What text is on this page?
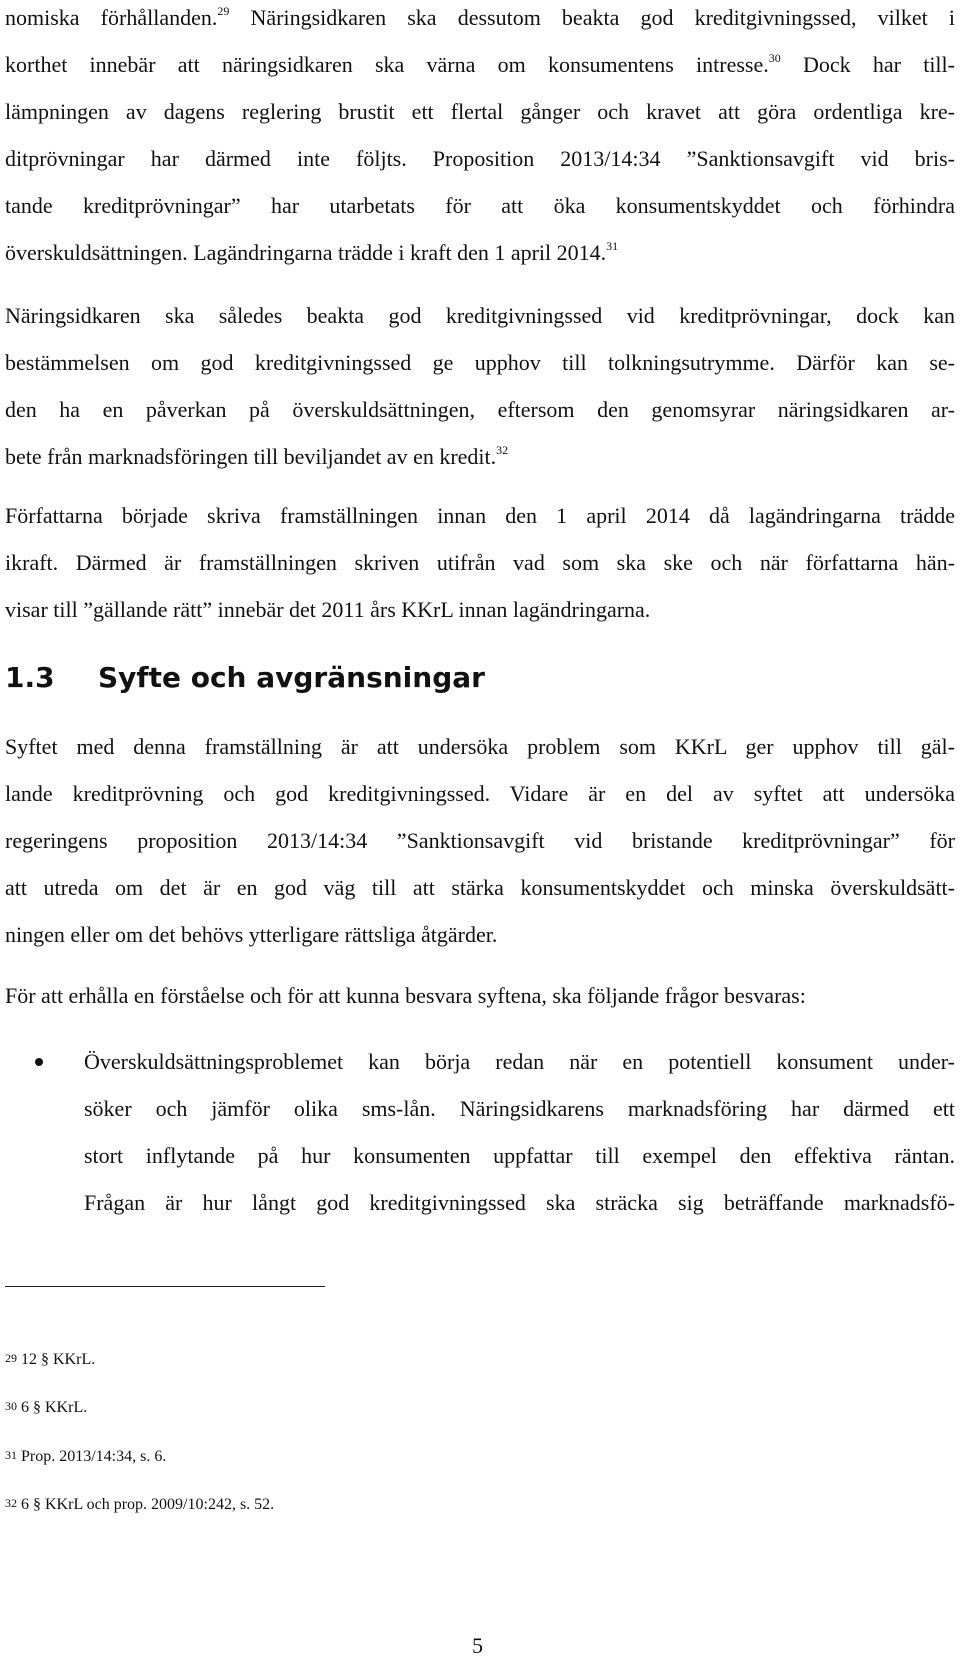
nomiska förhållanden.$^{29}$ Näringsidkaren ska dessutom beakta god kreditgivningssed, vilket i
korthet innebär att näringsidkaren ska värna om konsumentens intresse.$^{30}$ Dock har till-
lämpningen av dagens reglering brustit ett flertal gånger och kravet att göra ordentliga kre-
ditprövningar har därmed inte följts. Proposition 2013/14:34 ”Sanktionsavgift vid bris-
tande kreditprövningar” har utarbetats för att öka konsumentskyddet och förhindra
överskuldsättningen. Lagändringarna trädde i kraft den 1 april 2014.31

Näringsidkaren ska således beakta god kreditgivningssed vid kreditprövningar, dock kan
bestämmelsen om god kreditgivningssed ge upphov till tolkningsutrymme. Därför kan se-
den ha en påverkan på överskuldsättningen, eftersom den genomsyrar näringsidkaren ar-
bete från marknadsföringen till beviljandet av en kredit.$^{32}$

Författarna började skriva framställningen innan den 1 april 2014 då lagändringarna trädde
ikraft. Därmed är framställningen skriven utifrån vad som ska ske och när författarna hän-
visar till ”gällande rätt” innebär det 2011 års KKrL innan lagändringarna.

1.3 Syfte och avgränsningar

Syftet med denna framställning är att undersöka problem som KKrL ger upphov till gäl-
lande kreditprövning och god kreditgivningssed. Vidare är en del av syftet att undersöka
regeringens proposition 2013/14:34 ”Sanktionsavgift vid bristande kreditprövningar” för
att utreda om det är en god väg till att stärka konsumentskyddet och minska överskuldsätt-
ningen eller om det behövs ytterligare rättsliga åtgärder.

För att erhålla en förståelse och för att kunna besvara syftena, ska följande frågor besvaras:

Överskuldsättningsproblemet kan börja redan när en potentiell konsument under-
söker och jämför olika sms-lån. Näringsidkarens marknadsföring har därmed ett
stort inflytande på hur konsumenten uppfattar till exempel den effektiva räntan.
Frågan är hur långt god kreditgivningssed ska sträcka sig beträffande marknadsfö-
$^{29}$ 12 § KKrL.
$^{30}$ 6 § KKrL.
$^{31}$ Prop. 2013/14:34, s. 6.
$^{32}$ 6 § KKrL och prop. 2009/10:242, s. 52.
5
